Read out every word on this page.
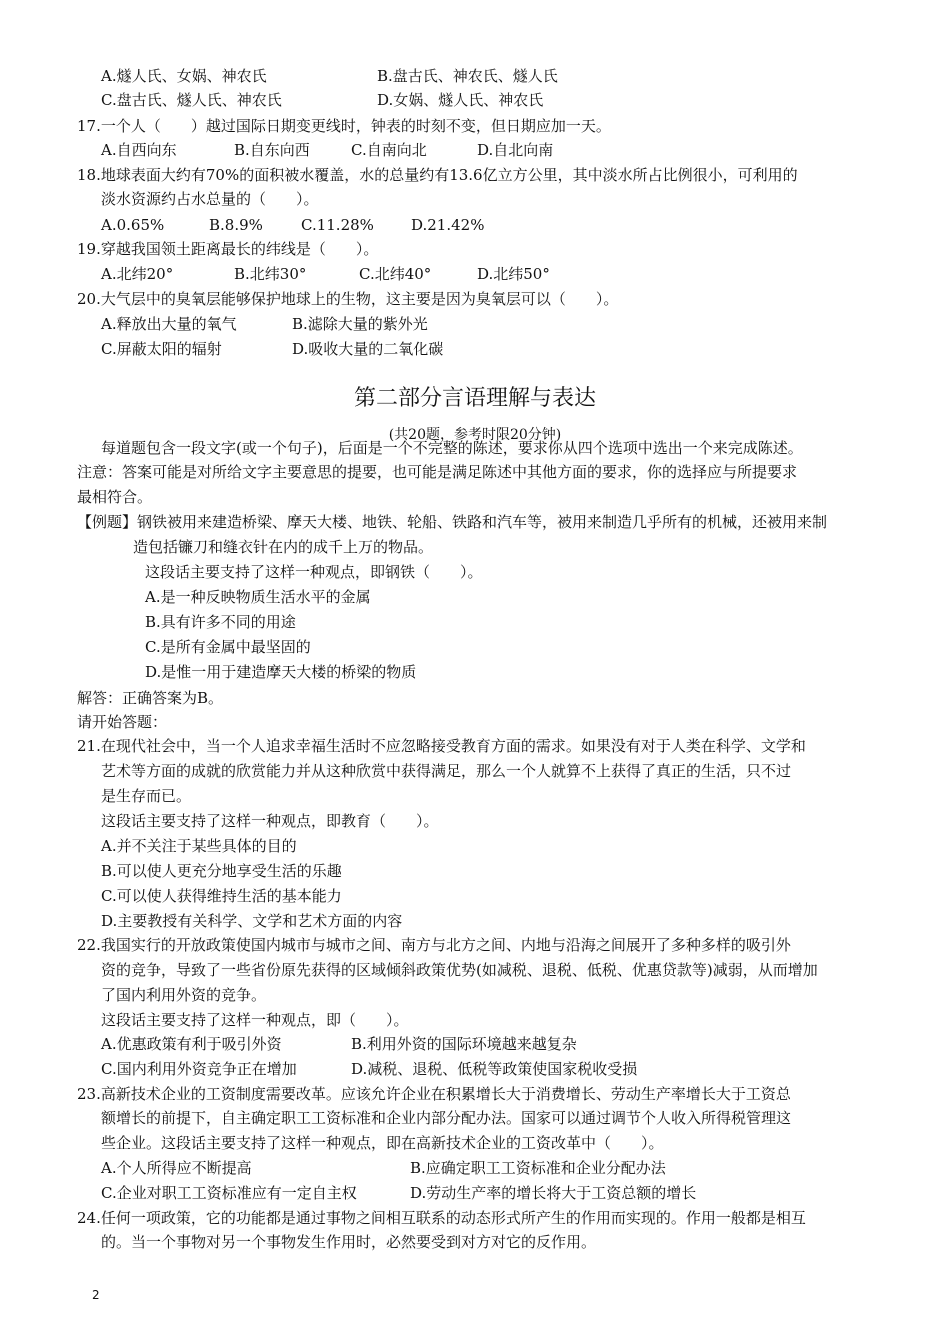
A.燧人氏、女娲、神农氏	B.盘古氏、神农氏、燧人氏
C.盘古氏、燧人氏、神农氏	D.女娲、燧人氏、神农氏
17.一个人（　　）越过国际日期变更线时，钟表的时刻不变，但日期应加一天。
A.自西向东	B.自东向西	C.自南向北	D.自北向南
18.地球表面大约有70%的面积被水覆盖，水的总量约有13.6亿立方公里，其中淡水所占比例很小，可利用的
淡水资源约占水总量的（　　）。
A.0.65%	B.8.9%	C.11.28% D.21.42%
19.穿越我国领土距离最长的纬线是（　　）。
A.北纬20°	B.北纬30°	C.北纬40°	D.北纬50°
20.大气层中的臭氧层能够保护地球上的生物，这主要是因为臭氧层可以（　　）。
A.释放出大量的氧气	B.滤除大量的紫外光
C.屏蔽太阳的辐射	D.吸收大量的二氧化碳
每道题包含一段文字(或一个句子)，后面是一个不完整的陈述，要求你从四个选项中选出一个来完成陈述。
注意：答案可能是对所给文字主要意思的提要，也可能是满足陈述中其他方面的要求，你的选择应与所提要求
最相符合。
【例题】钢铁被用来建造桥梁、摩天大楼、地铁、轮船、铁路和汽车等，被用来制造几乎所有的机械，还被用来制
造包括镰刀和缝衣针在内的成千上万的物品。
这段话主要支持了这样一种观点，即钢铁（　　）。
A.是一种反映物质生活水平的金属
B.具有许多不同的用途
C.是所有金属中最坚固的
D.是惟一用于建造摩天大楼的桥梁的物质
解答：正确答案为B。
请开始答题：
21.在现代社会中，当一个人追求幸福生活时不应忽略接受教育方面的需求。如果没有对于人类在科学、文学和
艺术等方面的成就的欣赏能力并从这种欣赏中获得满足，那么一个人就算不上获得了真正的生活，只不过
是生存而已。
这段话主要支持了这样一种观点，即教育（　　）。
A.并不关注于某些具体的目的
B.可以使人更充分地享受生活的乐趣
C.可以使人获得维持生活的基本能力
D.主要教授有关科学、文学和艺术方面的内容
22.我国实行的开放政策使国内城市与城市之间、南方与北方之间、内地与沿海之间展开了多种多样的吸引外
资的竞争，导致了一些省份原先获得的区域倾斜政策优势(如减税、退税、低税、优惠贷款等)减弱，从而增加
了国内利用外资的竞争。
这段话主要支持了这样一种观点，即（　　）。
A.优惠政策有利于吸引外资	B.利用外资的国际环境越来越复杂
C.国内利用外资竞争正在增加	D.减税、退税、低税等政策使国家税收受损
23.高新技术企业的工资制度需要改革。应该允许企业在积累增长大于消费增长、劳动生产率增长大于工资总
额增长的前提下，自主确定职工工资标准和企业内部分配办法。国家可以通过调节个人收入所得税管理这
些企业。这段话主要支持了这样一种观点，即在高新技术企业的工资改革中（　　）。
A.个人所得应不断提高	B.应确定职工工资标准和企业分配办法
C.企业对职工工资标准应有一定自主权	D.劳动生产率的增长将大于工资总额的增长
24.任何一项政策，它的功能都是通过事物之间相互联系的动态形式所产生的作用而实现的。作用一般都是相互
的。当一个事物对另一个事物发生作用时，必然要受到对方对它的反作用。
第二部分言语理解与表达
(共20题，参考时限20分钟)
2
